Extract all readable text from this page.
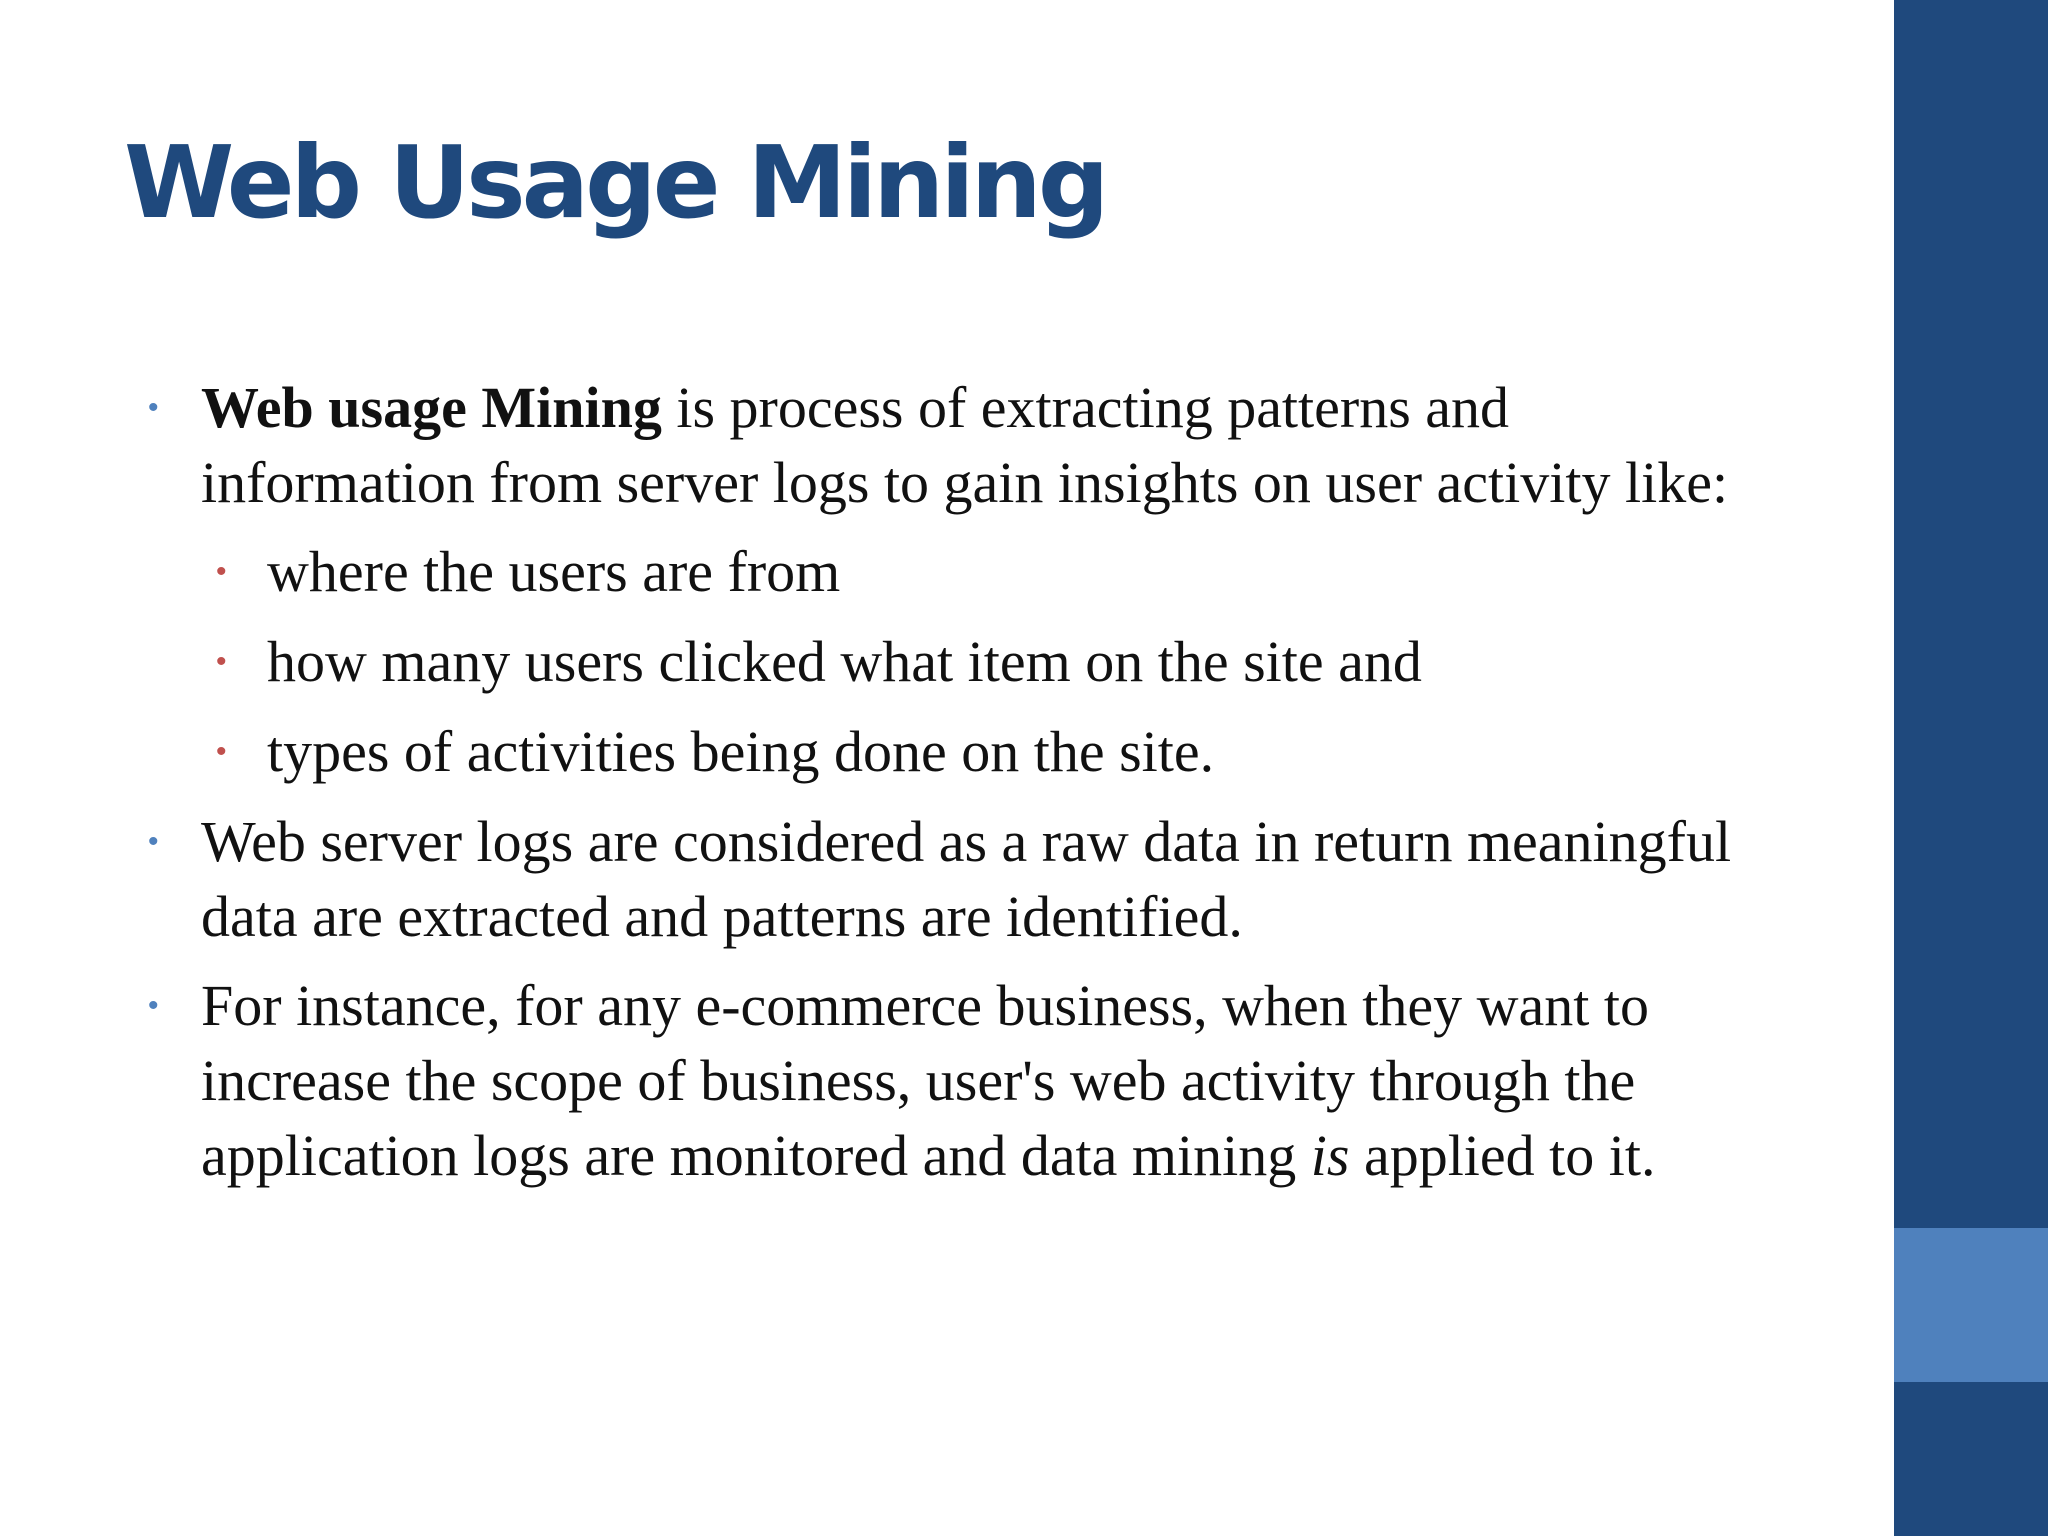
Web Usage Mining
• Web usage Mining is process of extracting patterns and information from server logs to gain insights on user activity like:
• where the users are from
• how many users clicked what item on the site and
• types of activities being done on the site.
• Web server logs are considered as a raw data in return meaningful data are extracted and patterns are identified.
• For instance, for any e-commerce business, when they want to increase the scope of business, user's web activity through the application logs are monitored and data mining is applied to it.
